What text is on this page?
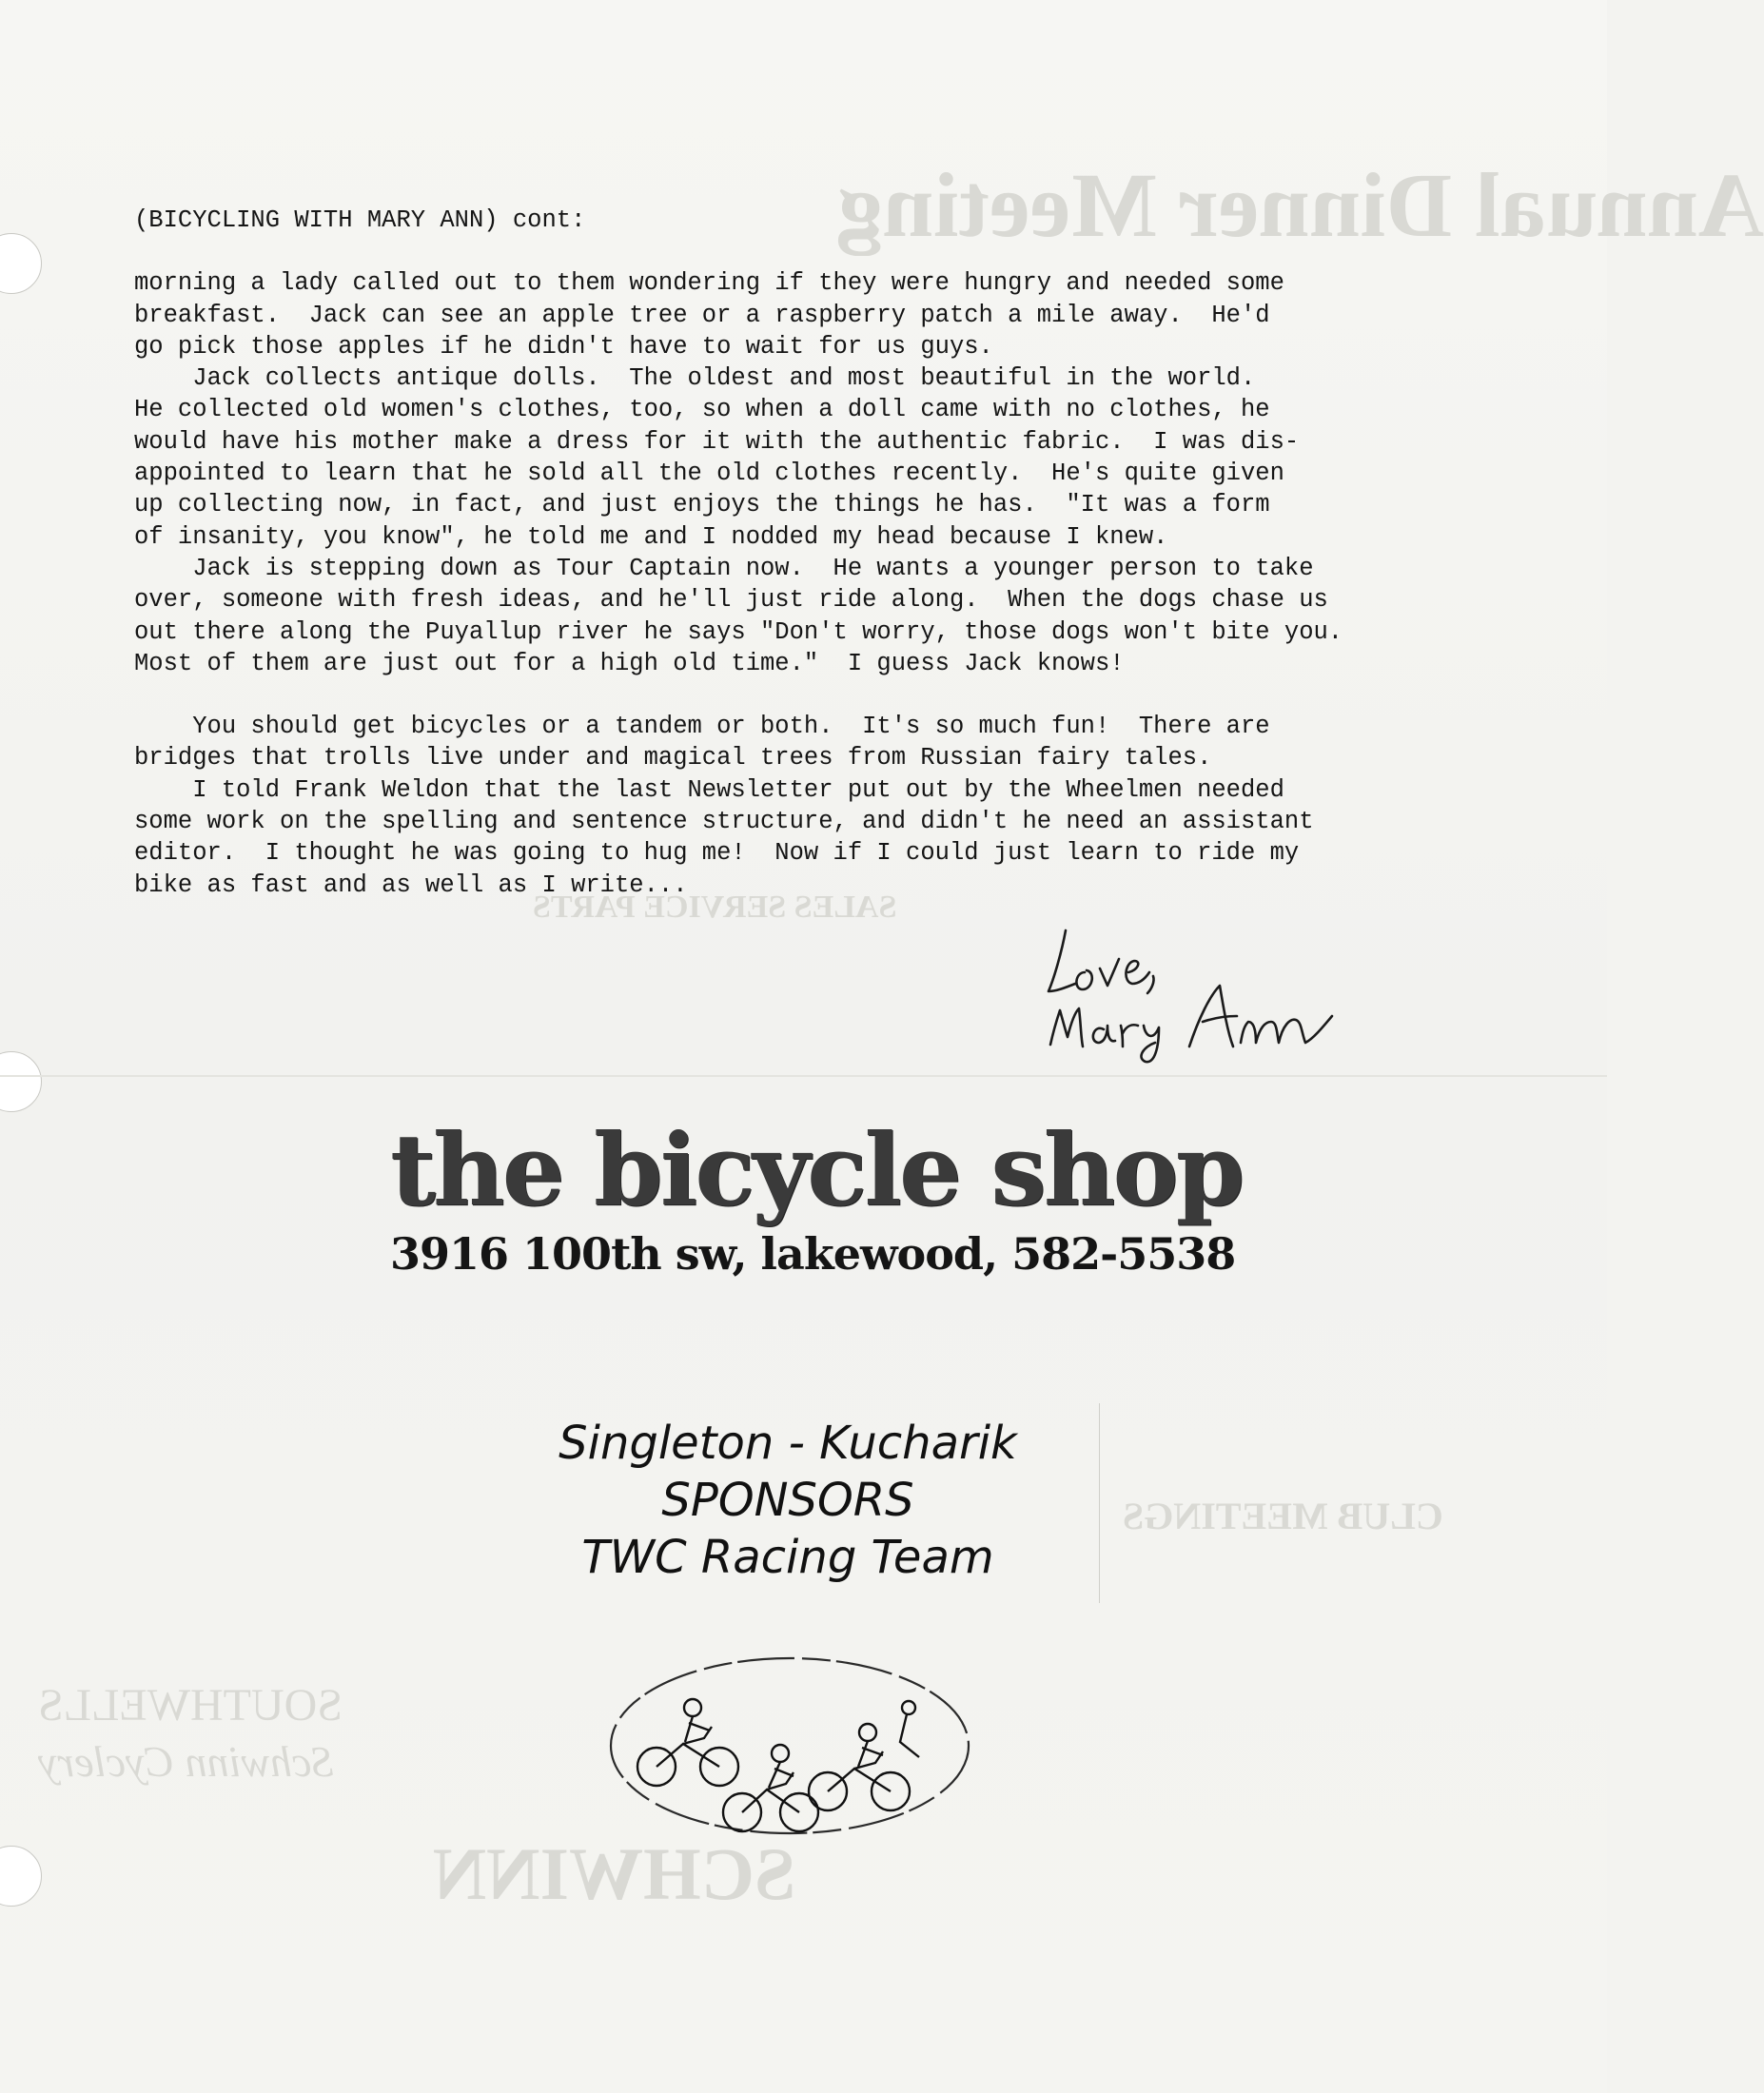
Annual Dinner Meeting
CLUB MEETINGS
SCHWINN
SOUTHWELLS
Schwinn Cyclery
SALES SERVICE PARTS

(BICYCLING WITH MARY ANN) cont:

morning a lady called out to them wondering if they were hungry and needed some

breakfast.  Jack can see an apple tree or a raspberry patch a mile away.  He'd

go pick those apples if he didn't have to wait for us guys.

Jack collects antique dolls.  The oldest and most beautiful in the world.

He collected old women's clothes, too, so when a doll came with no clothes, he

would have his mother make a dress for it with the authentic fabric.  I was dis-

appointed to learn that he sold all the old clothes recently.  He's quite given

up collecting now, in fact, and just enjoys the things he has.  "It was a form

of insanity, you know", he told me and I nodded my head because I knew.

Jack is stepping down as Tour Captain now.  He wants a younger person to take

over, someone with fresh ideas, and he'll just ride along.  When the dogs chase us

out there along the Puyallup river he says "Don't worry, those dogs won't bite you.

Most of them are just out for a high old time."  I guess Jack knows!

You should get bicycles or a tandem or both.  It's so much fun!  There are

bridges that trolls live under and magical trees from Russian fairy tales.

I told Frank Weldon that the last Newsletter put out by the Wheelmen needed

some work on the spelling and sentence structure, and didn't he need an assistant

editor.  I thought he was going to hug me!  Now if I could just learn to ride my

bike as fast and as well as I write...

the bicycle shop
3916 100th sw, lakewood, 582-5538
Singleton - Kucharik
SPONSORS
TWC Racing Team
